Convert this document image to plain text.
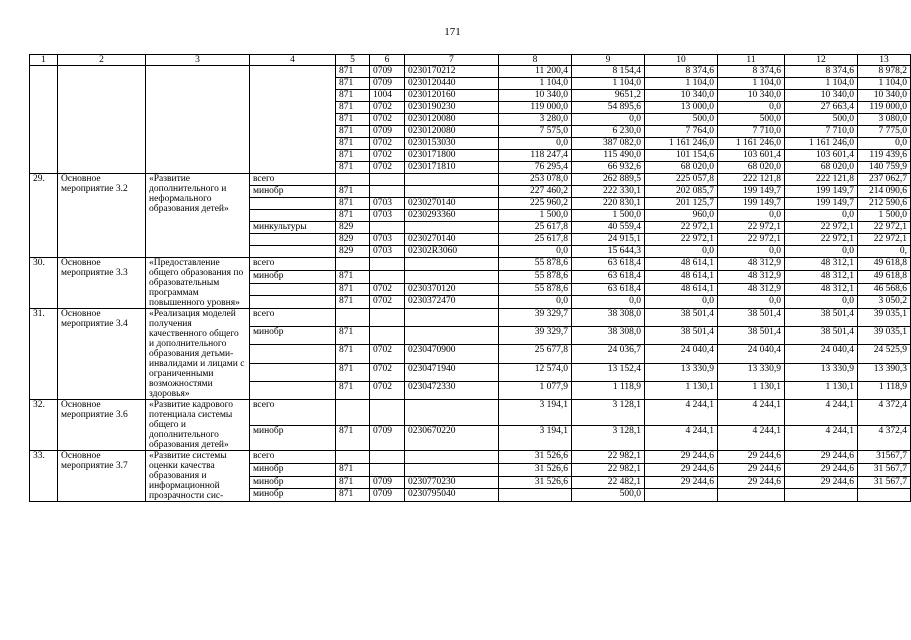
171
1	2	3	4	5	6	7	8	9	10	11	12	13
				871	0709	0230170212	11 200,4	8 154,4	8 374,6	8 374,6	8 374,6	8 978,2
				871	0709	0230120440	1 104,0	1 104,0	1 104,0	1 104,0	1 104,0	1 104,0
				871	1004	0230120160	10 340,0	9651,2	10 340,0	10 340,0	10 340,0	10 340,0
				871	0702	0230190230	119 000,0	54 895,6	13 000,0	0,0	27 663,4	119 000,0
				871	0702	0230120080	3 280,0	0,0	500,0	500,0	500,0	3 080,0
				871	0709	0230120080	7 575,0	6 230,0	7 764,0	7 710,0	7 710,0	7 775,0
				871	0702	0230153030	0,0	387 082,0	1 161 246,0	1 161 246,0	1 161 246,0	0,0
				871	0702	0230171800	118 247,4	115 490,0	101 154,6	103 601,4	103 601,4	119 439,6
				871	0702	0230171810	76 295,4	66 932,6	68 020,0	68 020,0	68 020,0	140 759,9
29.	Основное мероприятие 3.2	«Развитие дополнительного и неформального образования детей»	всего				253 078,0	262 889,5	225 057,8	222 121,8	222 121,8	237 062,7
			минобр	871			227 460,2	222 330,1	202 085,7	199 149,7	199 149,7	214 090,6
				871	0703	0230270140	225 960,2	220 830,1	201 125,7	199 149,7	199 149,7	212 590,6
				871	0703	0230293360	1 500,0	1 500,0	960,0	0,0	0,0	1 500,0
			минкультуры	829			25 617,8	40 559,4	22 972,1	22 972,1	22 972,1	22 972,1
				829	0703	0230270140	25 617,8	24 915,1	22 972,1	22 972,1	22 972,1	22 972,1
				829	0703	02302R3060	0,0	15 644,3	0,0	0,0	0,0	0,
30.	Основное мероприятие 3.3	«Предоставление общего образования по образовательным программам повышенного уровня»	всего				55 878,6	63 618,4	48 614,1	48 312,9	48 312,1	49 618,8
			минобр	871			55 878,6	63 618,4	48 614,1	48 312,9	48 312,1	49 618,8
				871	0702	0230370120	55 878,6	63 618,4	48 614,1	48 312,9	48 312,1	46 568,6
				871	0702	0230372470	0,0	0,0	0,0	0,0	0,0	3 050,2
31.	Основное мероприятие 3.4	«Реализация моделей получения качественного общего и дополнительного образования детьми-инвалидами и лицами с ограниченными возможностями здоровья»	всего				39 329,7	38 308,0	38 501,4	38 501,4	38 501,4	39 035,1
			минобр	871			39 329,7	38 308,0	38 501,4	38 501,4	38 501,4	39 035,1
				871	0702	0230470900	25 677,8	24 036,7	24 040,4	24 040,4	24 040,4	24 525,9
				871	0702	0230471940	12 574,0	13 152,4	13 330,9	13 330,9	13 330,9	13 390,3
				871	0702	0230472330	1 077,9	1 118,9	1 130,1	1 130,1	1 130,1	1 118,9
32.	Основное мероприятие 3.6	«Развитие кадрового потенциала системы общего и дополнительного образования детей»	всего				3 194,1	3 128,1	4 244,1	4 244,1	4 244,1	4 372,4
			минобр	871	0709	0230670220	3 194,1	3 128,1	4 244,1	4 244,1	4 244,1	4 372,4
33.	Основное мероприятие 3.7	«Развитие системы оценки качества образования и информационной прозрачности сис-	всего				31 526,6	22 982,1	29 244,6	29 244,6	29 244,6	31567,7
			минобр	871			31 526,6	22 982,1	29 244,6	29 244,6	29 244,6	31 567,7
			минобр	871	0709	0230770230	31 526,6	22 482,1	29 244,6	29 244,6	29 244,6	31 567,7
			минобр	871	0709	0230795040		500,0				
